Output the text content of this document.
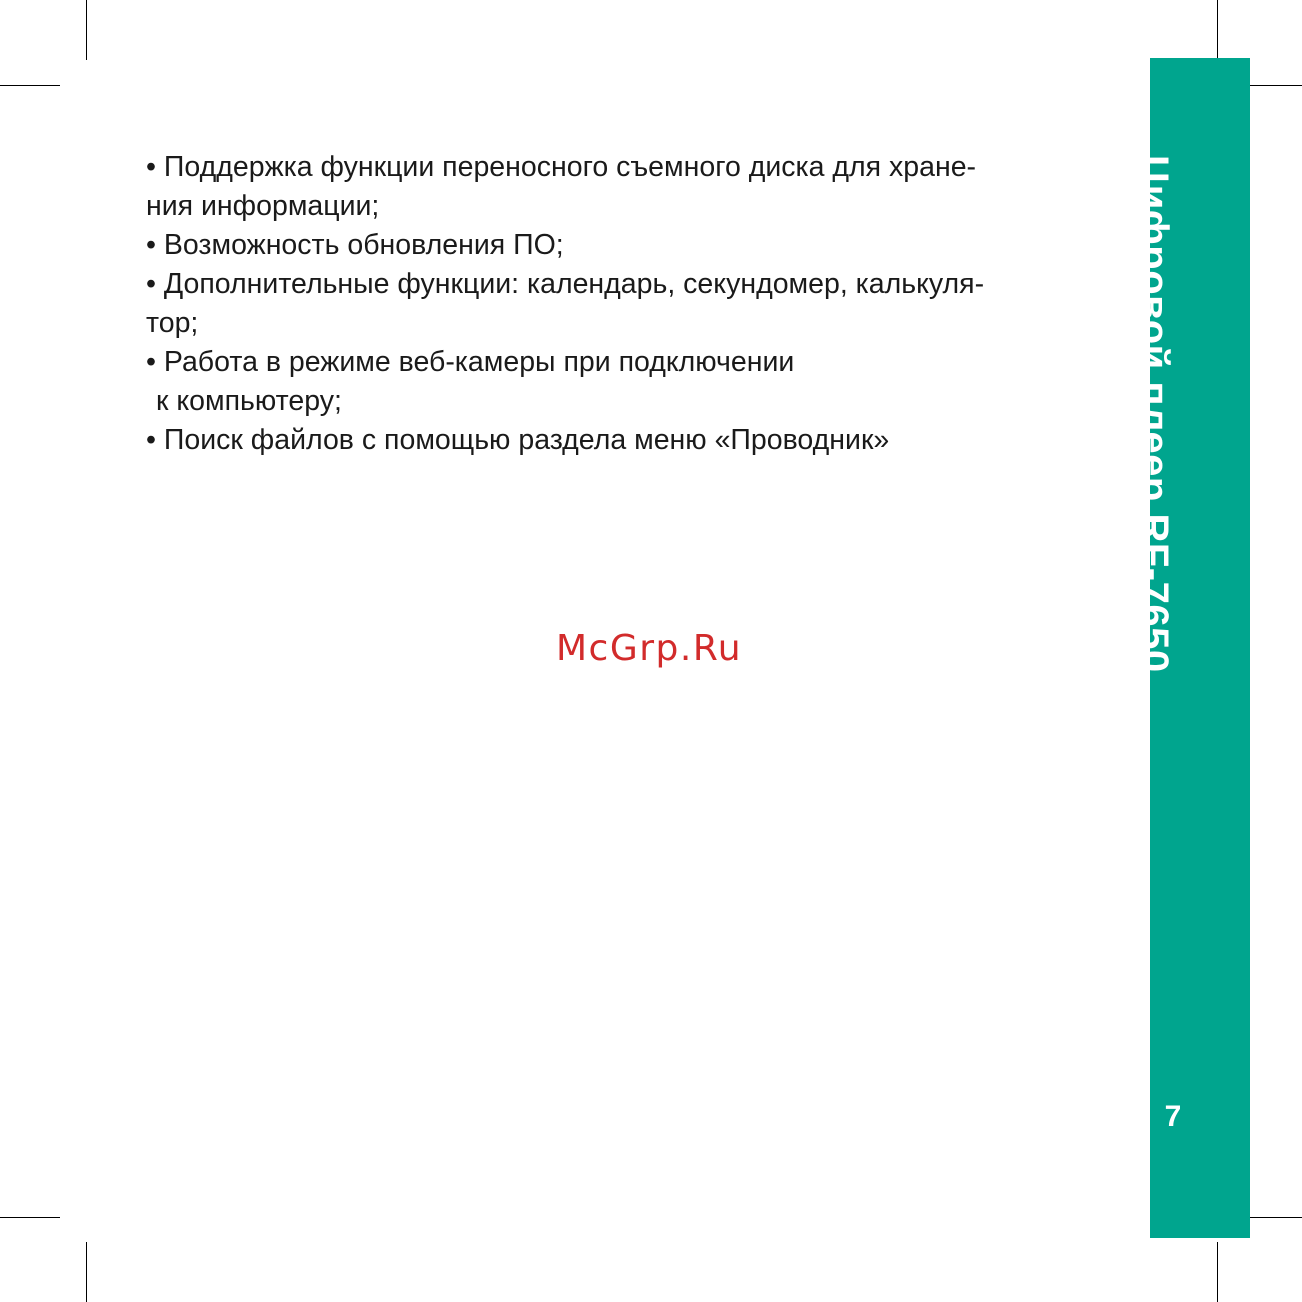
Цифровой плеер RF-7650
7
• Поддержка функции переносного съемного диска для хране-
ния информации;
• Возможность обновления ПО;
• Дополнительные функции: календарь, секундомер, калькуля-
тор;
• Работа в режиме веб-камеры при подключении
к компьютеру;
• Поиск файлов с помощью раздела меню «Проводник»
McGrp.Ru
